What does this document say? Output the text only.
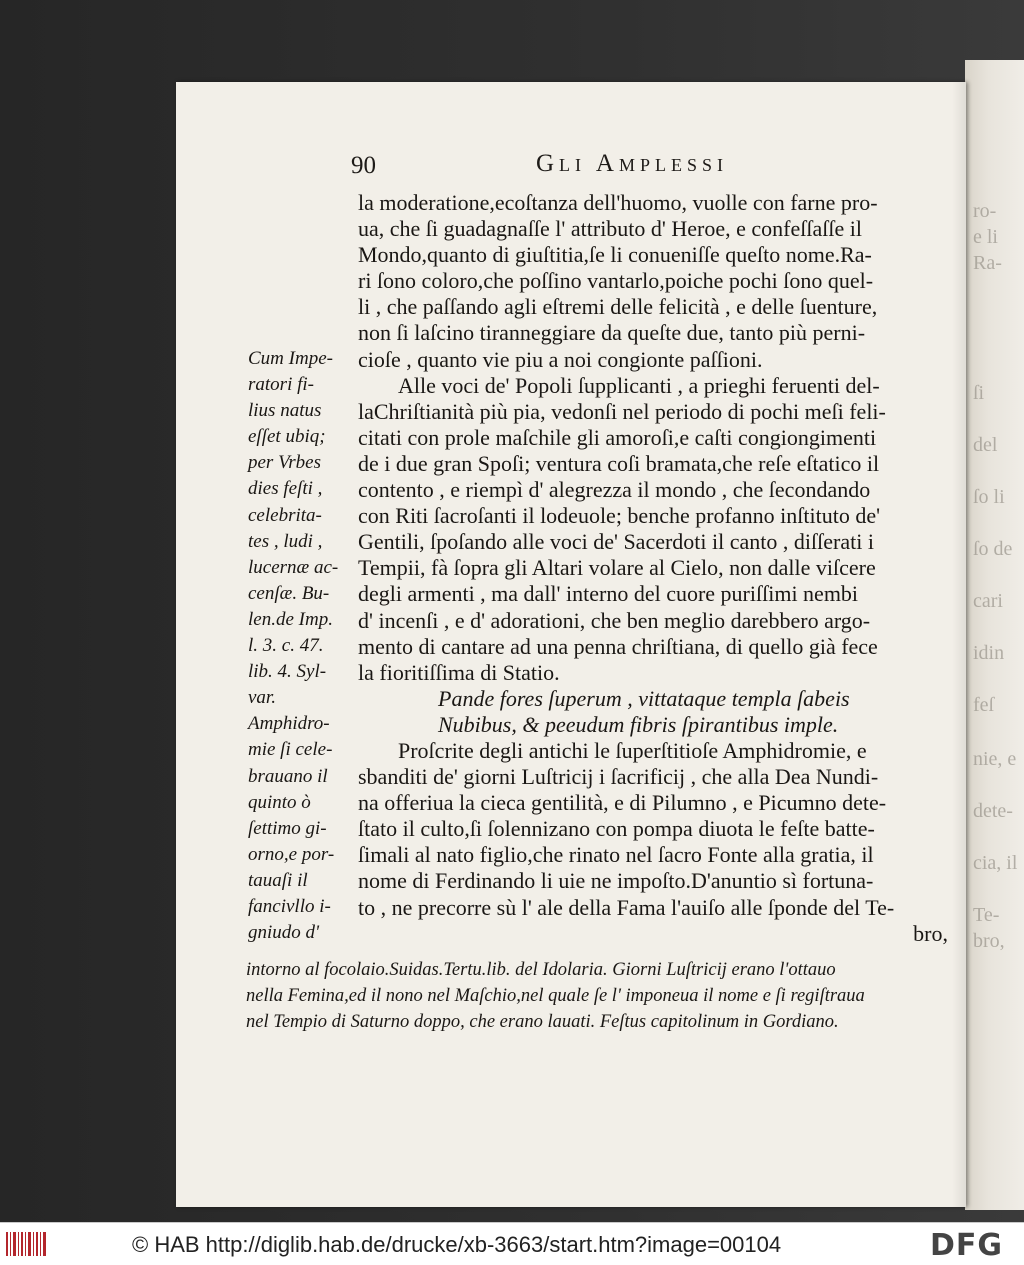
ro-
e li
Ra-
ſi
del
ſo li
ſo de
cari
idin
feſ
nie, e
dete-
cia, il
Te-
bro,
90	Gli Amplessi
Cum Impe-
ratori fi-
lius natus
eſſet ubiq;
per Vrbes
dies feſti ,
celebrita-
tes , ludi ,
lucernæ ac-
cenſæ. Bu-
len.de Imp.
l. 3. c. 47.
lib. 4. Syl-
var.
Amphidro-
mie ſi cele-
brauano il
quinto ò
ſettimo gi-
orno,e por-
tauaſi il
fancivllo i-
gniudo d'
la moderatione,ecoſtanza dell'huomo, vuolle con farne pro-
ua, che ſi guadagnaſſe l' attributo d' Heroe, e confeſſaſſe il
Mondo,quanto di giuſtitia,ſe li conueniſſe queſto nome.Ra-
ri ſono coloro,che poſſino vantarlo,poiche pochi ſono quel-
li , che paſſando agli eſtremi delle felicità , e delle ſuenture,
non ſi laſcino tiranneggiare da queſte due, tanto più perni-
cioſe , quanto vie piu a noi congionte paſſioni.
Alle voci de' Popoli ſupplicanti , a prieghi feruenti del-
laChriſtianità più pia, vedonſi nel periodo di pochi meſi feli-
citati con prole maſchile gli amoroſi,e caſti congiongimenti
de i due gran Spoſi; ventura coſi bramata,che reſe eſtatico il
contento , e riempì d' alegrezza il mondo , che ſecondando
con Riti ſacroſanti il lodeuole; benche profanno inſtituto de'
Gentili, ſpoſando alle voci de' Sacerdoti il canto , diſſerati i
Tempii, fà ſopra gli Altari volare al Cielo, non dalle viſcere
degli armenti , ma dall' interno del cuore puriſſimi nembi
d' incenſi , e d' adorationi, che ben meglio darebbero argo-
mento di cantare ad una penna chriſtiana, di quello già fece
la fioritiſſima di Statio.
Pande fores ſuperum , vittataque templa ſabeis
Nubibus, & peeudum fibris ſpirantibus imple.
Proſcrite degli antichi le ſuperſtitioſe Amphidromie, e
sbanditi de' giorni Luſtricij i ſacrificij , che alla Dea Nundi-
na offeriua la cieca gentilità, e di Pilumno , e Picumno dete-
ſtato il culto,ſi ſolennizano con pompa diuota le feſte batte-
ſimali al nato figlio,che rinato nel ſacro Fonte alla gratia, il
nome di Ferdinando li uie ne impoſto.D'anuntio sì fortuna-
to , ne precorre sù l' ale della Fama l'auiſo alle ſponde del Te-
bro,
intorno al focolaio.Suidas.Tertu.lib. del Idolaria. Giorni Luſtricij erano l'ottauo
nella Femina,ed il nono nel Maſchio,nel quale ſe l' imponeua il nome e ſi regiſtraua
nel Tempio di Saturno doppo, che erano lauati. Feſtus capitolinum in Gordiano.
© HAB http://diglib.hab.de/drucke/xb-3663/start.htm?image=00104	DFG
